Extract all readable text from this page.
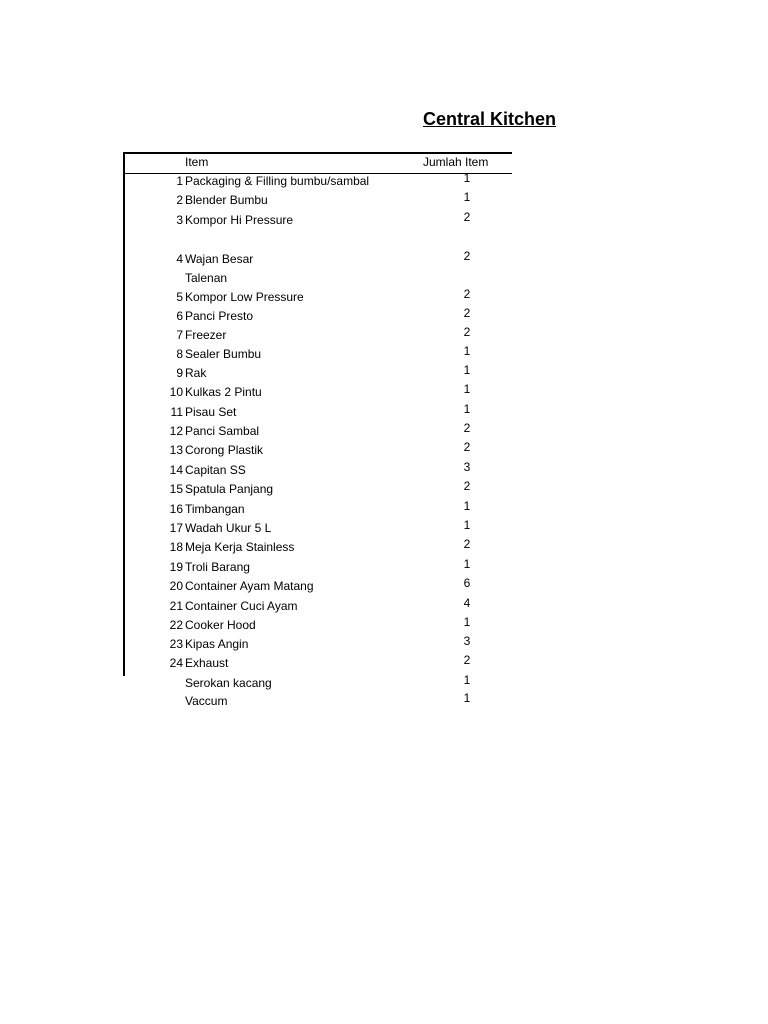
Central Kitchen
Item	Jumlah Item
1 Packaging & Filling bumbu/sambal	1
2 Blender Bumbu	1
3 Kompor Hi Pressure	2
4 Wajan Besar	2
Talenan
5 Kompor Low Pressure	2
6 Panci Presto	2
7 Freezer	2
8 Sealer Bumbu	1
9 Rak	1
10 Kulkas 2 Pintu	1
11 Pisau Set	1
12 Panci Sambal	2
13 Corong Plastik	2
14 Capitan SS	3
15 Spatula Panjang	2
16 Timbangan	1
17 Wadah Ukur 5 L	1
18 Meja Kerja Stainless	2
19 Troli Barang	1
20 Container Ayam Matang	6
21 Container Cuci Ayam	4
22 Cooker Hood	1
23 Kipas Angin	3
24 Exhaust	2
Serokan kacang	1
Vaccum	1
